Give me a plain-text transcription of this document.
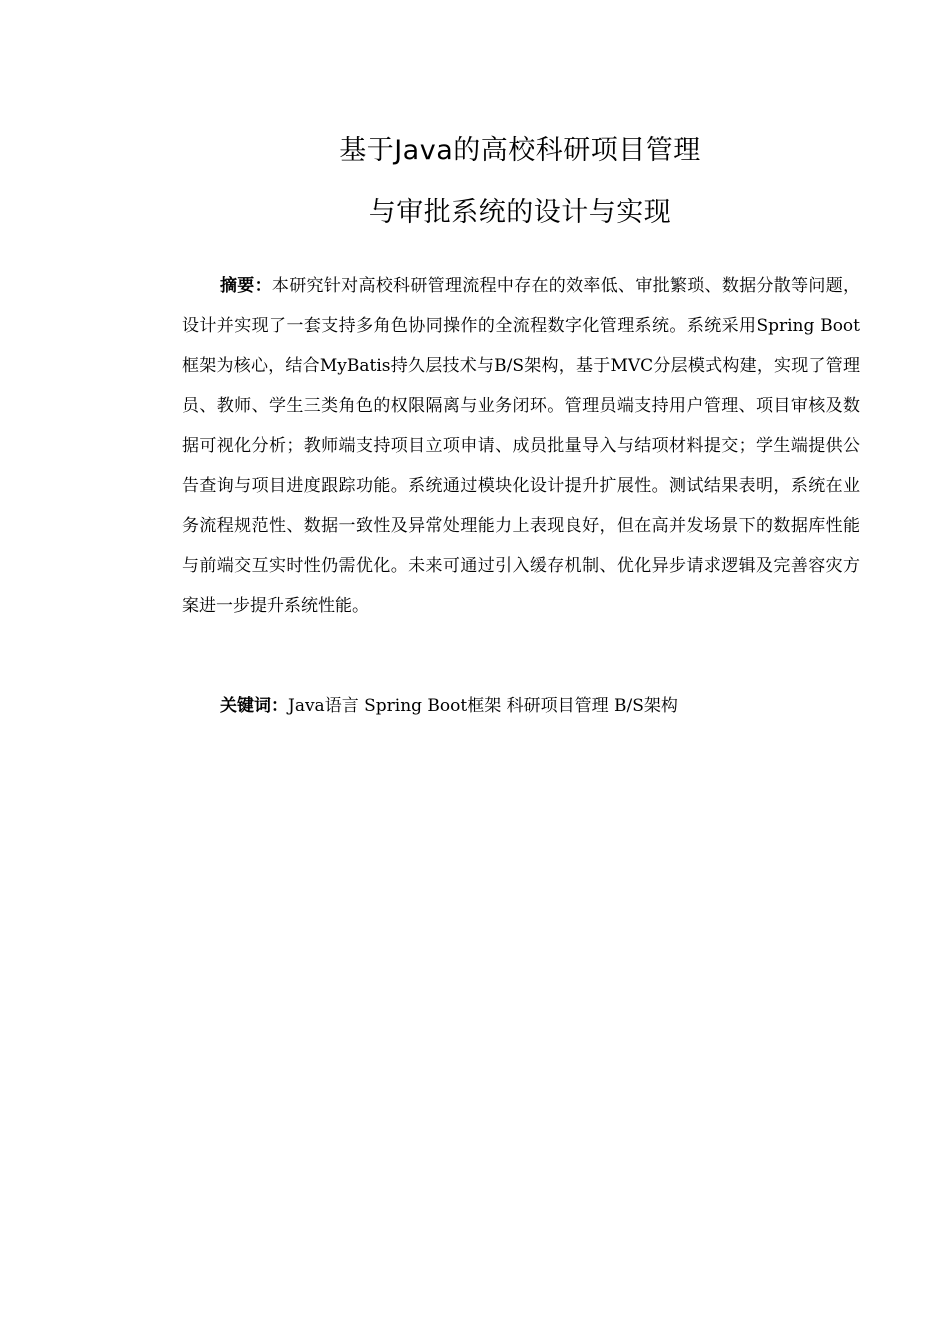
基于Java的高校科研项目管理
与审批系统的设计与实现
摘要：本研究针对高校科研管理流程中存在的效率低、审批繁琐、数据分散等问题，设计并实现了一套支持多角色协同操作的全流程数字化管理系统。系统采用Spring Boot框架为核心，结合MyBatis持久层技术与B/S架构，基于MVC分层模式构建，实现了管理员、教师、学生三类角色的权限隔离与业务闭环。管理员端支持用户管理、项目审核及数据可视化分析；教师端支持项目立项申请、成员批量导入与结项材料提交；学生端提供公告查询与项目进度跟踪功能。系统通过模块化设计提升扩展性。测试结果表明，系统在业务流程规范性、数据一致性及异常处理能力上表现良好，但在高并发场景下的数据库性能与前端交互实时性仍需优化。未来可通过引入缓存机制、优化异步请求逻辑及完善容灾方案进一步提升系统性能。
关键词：Java语言 Spring Boot框架 科研项目管理 B/S架构
